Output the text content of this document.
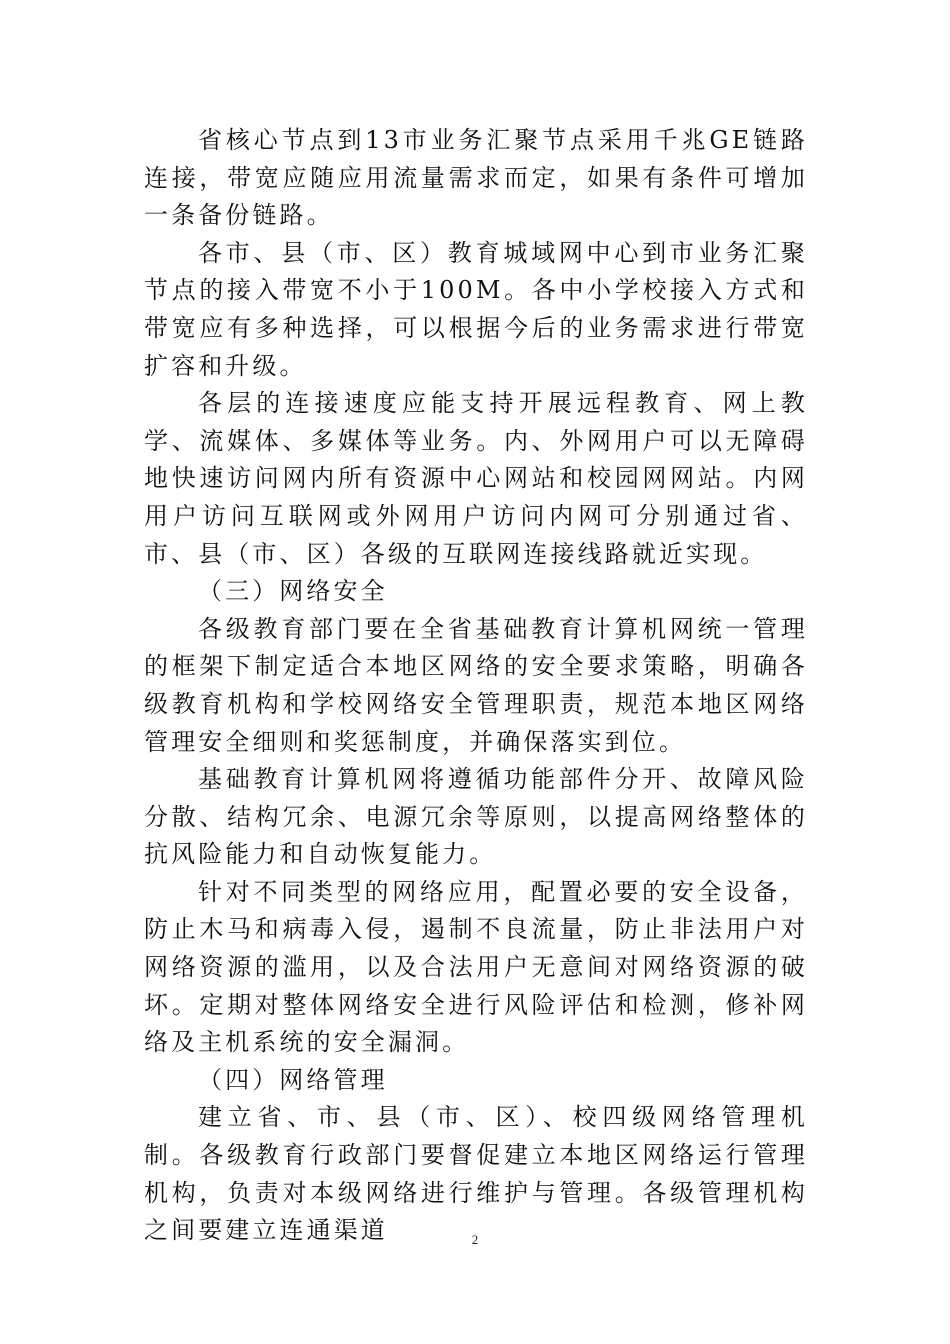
省核心节点到13市业务汇聚节点采用千兆GE链路连接，带宽应随应用流量需求而定，如果有条件可增加一条备份链路。

各市、县（市、区）教育城域网中心到市业务汇聚节点的接入带宽不小于100M。各中小学校接入方式和带宽应有多种选择，可以根据今后的业务需求进行带宽扩容和升级。

各层的连接速度应能支持开展远程教育、网上教学、流媒体、多媒体等业务。内、外网用户可以无障碍地快速访问网内所有资源中心网站和校园网网站。内网用户访问互联网或外网用户访问内网可分别通过省、市、县（市、区）各级的互联网连接线路就近实现。

（三）网络安全

各级教育部门要在全省基础教育计算机网统一管理的框架下制定适合本地区网络的安全要求策略，明确各级教育机构和学校网络安全管理职责，规范本地区网络管理安全细则和奖惩制度，并确保落实到位。

基础教育计算机网将遵循功能部件分开、故障风险分散、结构冗余、电源冗余等原则，以提高网络整体的抗风险能力和自动恢复能力。

针对不同类型的网络应用，配置必要的安全设备，防止木马和病毒入侵，遏制不良流量，防止非法用户对网络资源的滥用，以及合法用户无意间对网络资源的破坏。定期对整体网络安全进行风险评估和检测，修补网络及主机系统的安全漏洞。

（四）网络管理

建立省、市、县（市、区）、校四级网络管理机制。各级教育行政部门要督促建立本地区网络运行管理机构，负责对本级网络进行维护与管理。各级管理机构之间要建立连通渠道	2
